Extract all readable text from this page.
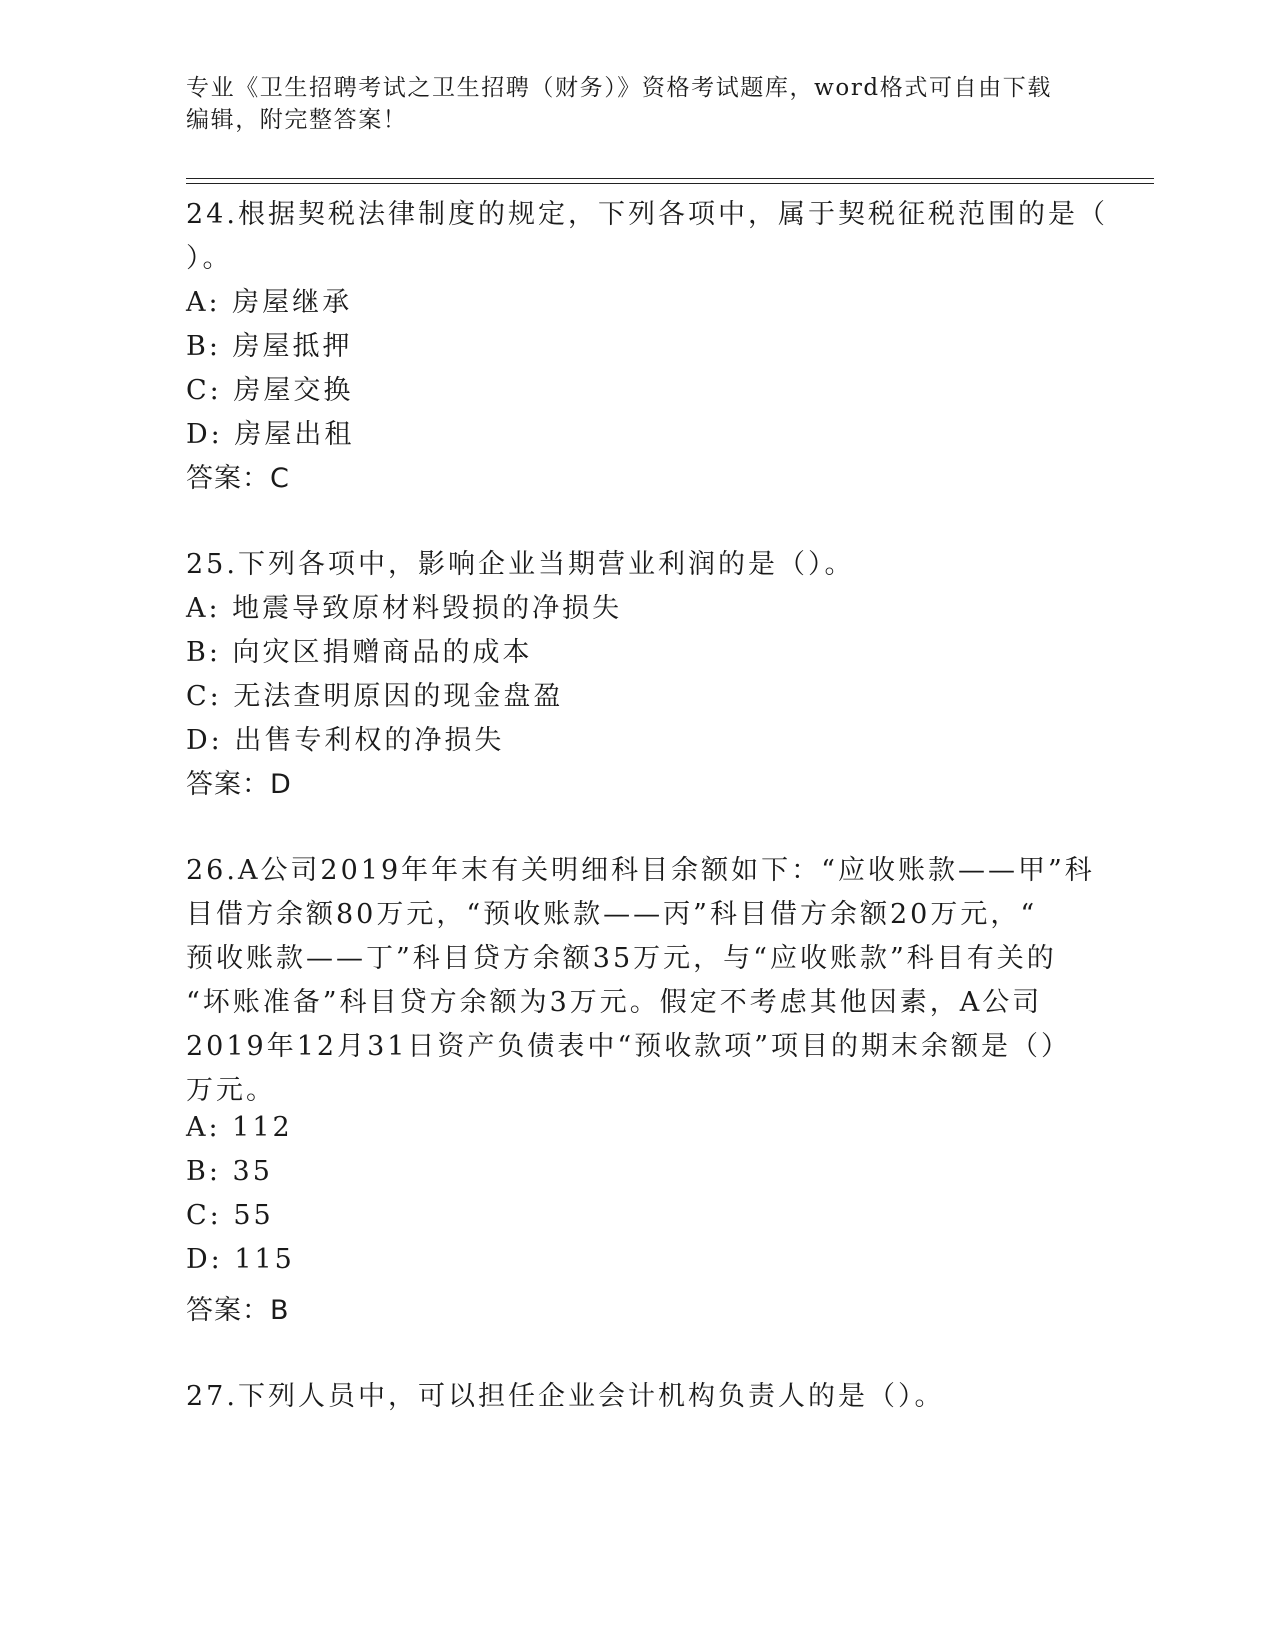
专业《卫生招聘考试之卫生招聘（财务）》资格考试题库，word格式可自由下载
编辑，附完整答案！
24.根据契税法律制度的规定，下列各项中，属于契税征税范围的是（
）。
A: 房屋继承
B: 房屋抵押
C: 房屋交换
D: 房屋出租
答案：C
25.下列各项中，影响企业当期营业利润的是（）。
A: 地震导致原材料毁损的净损失
B: 向灾区捐赠商品的成本
C: 无法查明原因的现金盘盈
D: 出售专利权的净损失
答案：D
26.A公司2019年年末有关明细科目余额如下：“应收账款——甲”科
目借方余额80万元，“预收账款——丙”科目借方余额20万元，“
预收账款——丁”科目贷方余额35万元，与“应收账款”科目有关的
“坏账准备”科目贷方余额为3万元。假定不考虑其他因素，A公司
2019年12月31日资产负债表中“预收款项”项目的期末余额是（）
万元。
A: 112
B: 35
C: 55
D: 115
答案：B
27.下列人员中，可以担任企业会计机构负责人的是（）。
